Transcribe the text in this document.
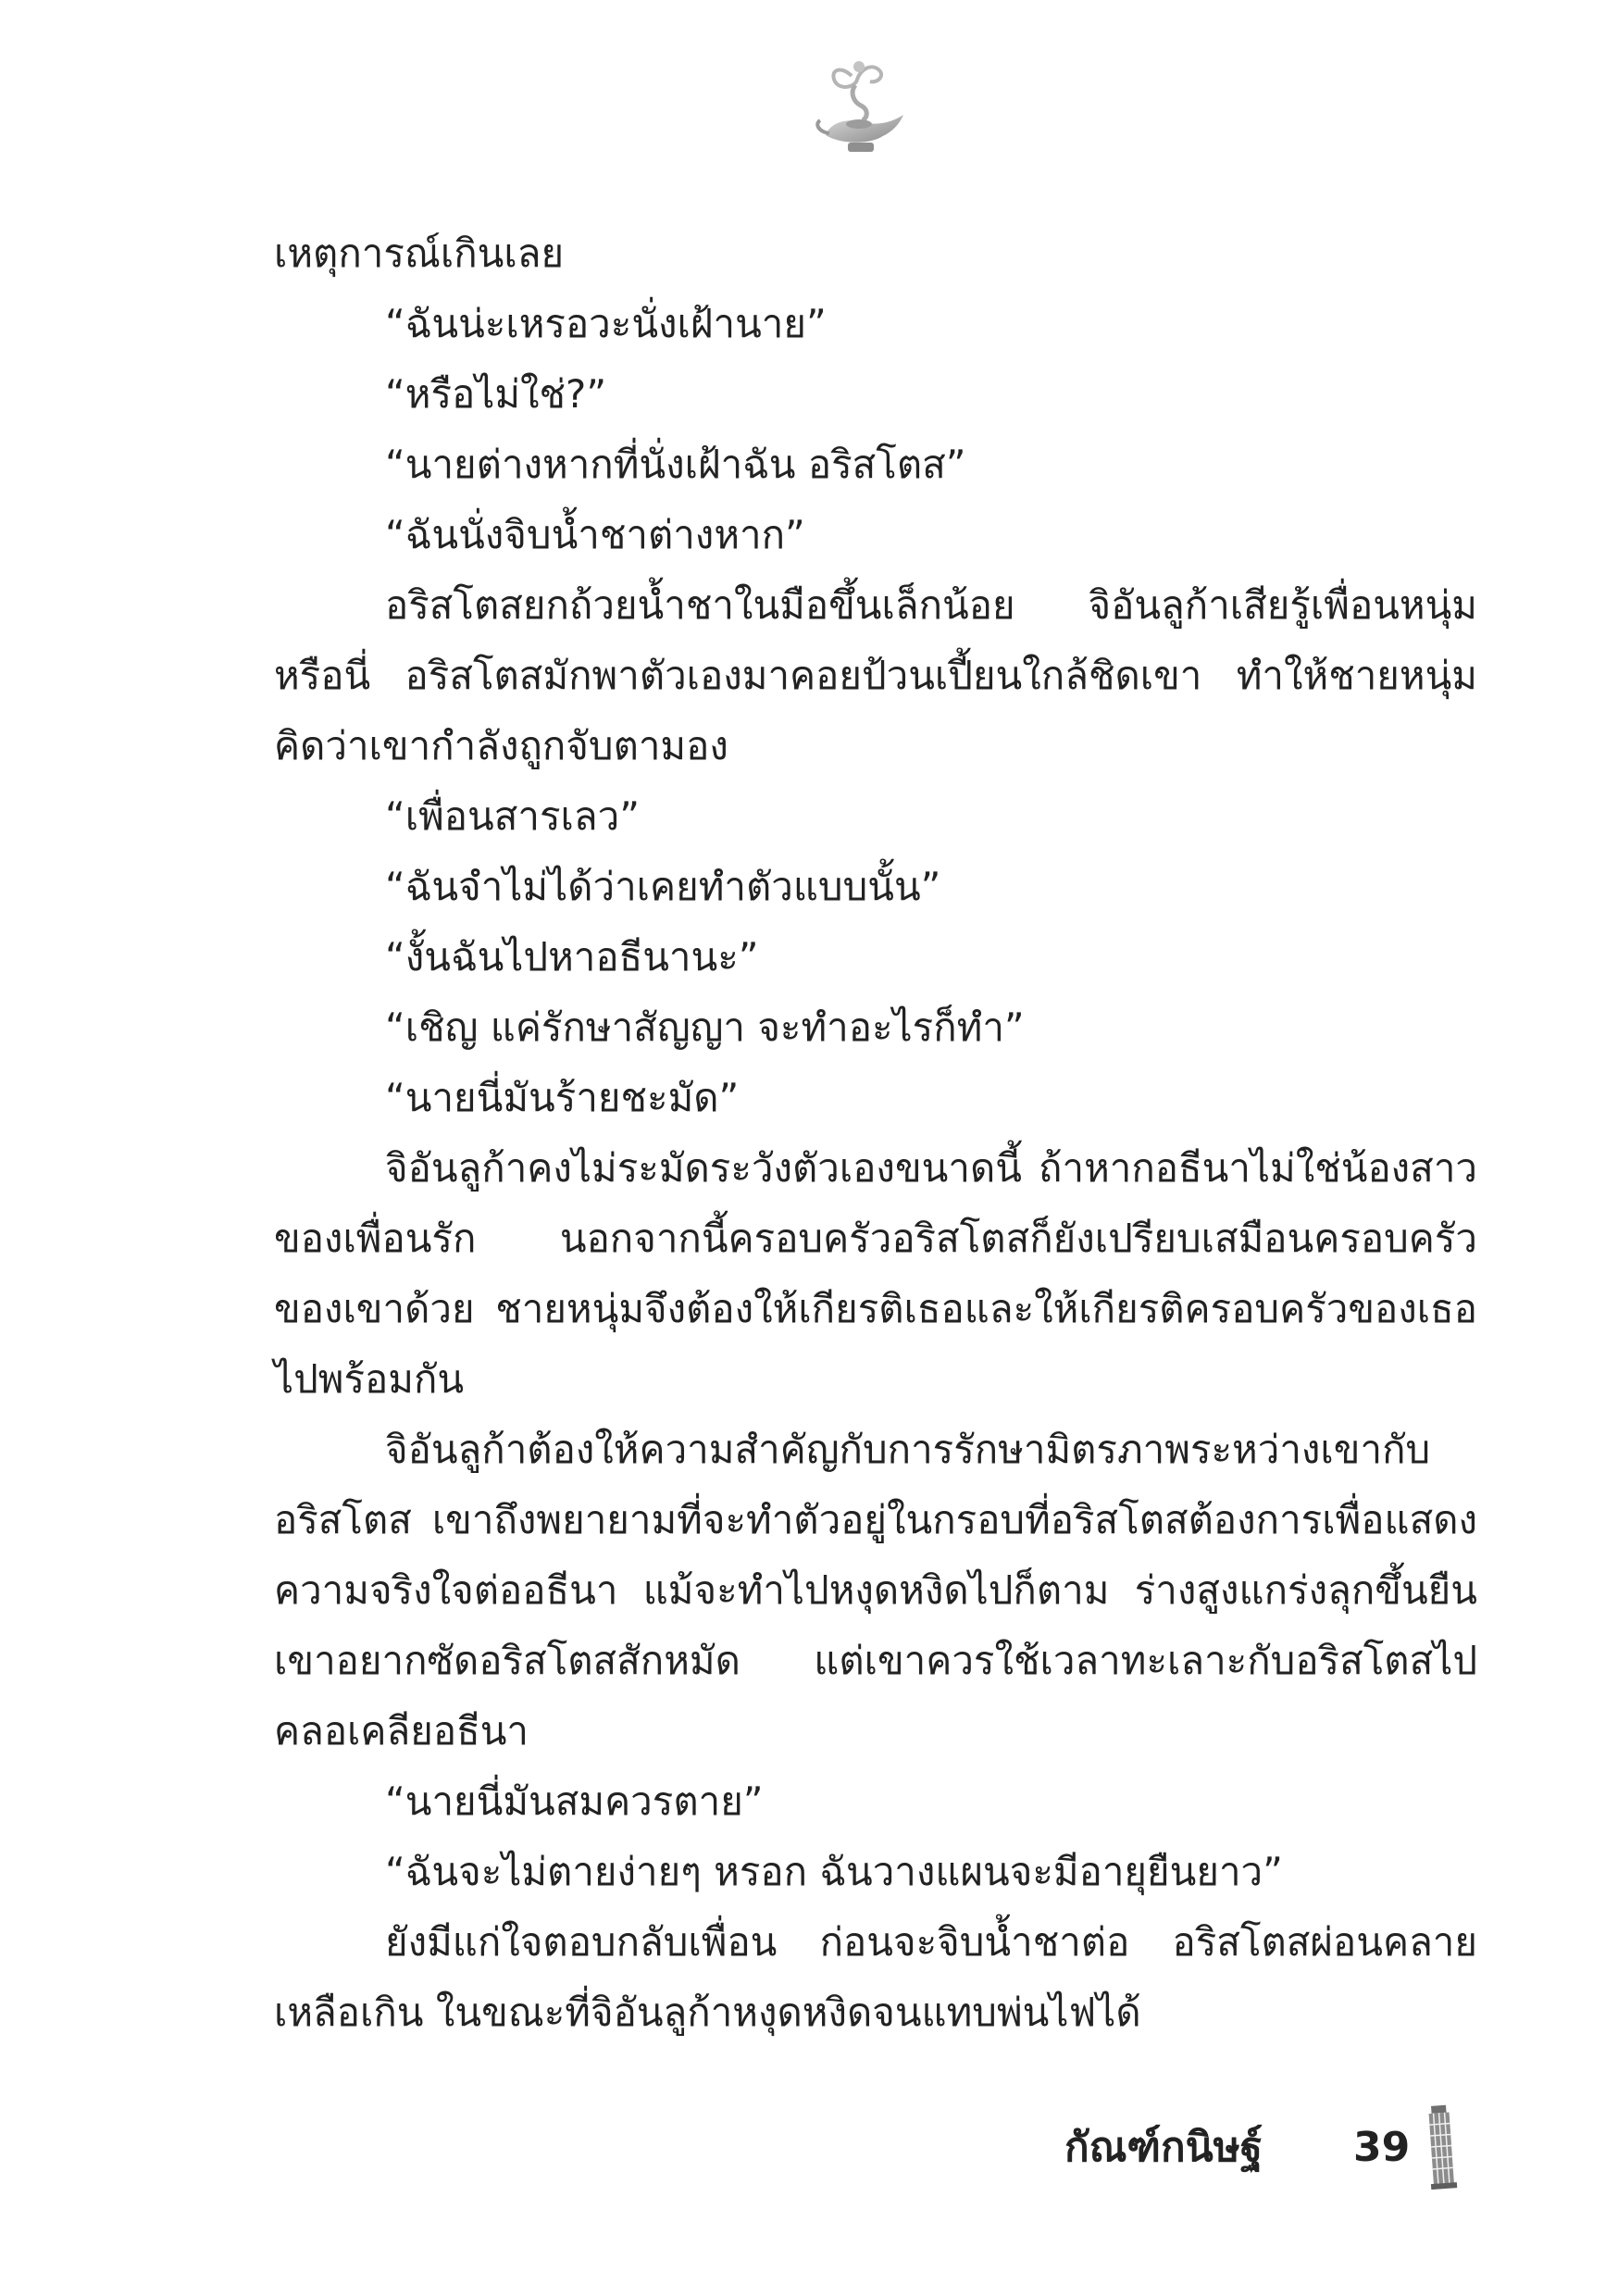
เหตุการณ์เกินเลย
“ฉันน่ะเหรอวะนั่งเฝ้านาย”
“หรือไม่ใช่?”
“นายต่างหากที่นั่งเฝ้าฉัน อริสโตส”
“ฉันนั่งจิบน้ำชาต่างหาก”
อริสโตสยกถ้วยน้ำชาในมือขึ้นเล็กน้อย จิอันลูก้าเสียรู้เพื่อนหนุ่ม
หรือนี่ อริสโตสมักพาตัวเองมาคอยป้วนเปี้ยนใกล้ชิดเขา ทำให้ชายหนุ่ม
คิดว่าเขากำลังถูกจับตามอง
“เพื่อนสารเลว”
“ฉันจำไม่ได้ว่าเคยทำตัวแบบนั้น”
“งั้นฉันไปหาอธีนานะ”
“เชิญ แค่รักษาสัญญา จะทำอะไรก็ทำ”
“นายนี่มันร้ายชะมัด”
จิอันลูก้าคงไม่ระมัดระวังตัวเองขนาดนี้ ถ้าหากอธีนาไม่ใช่น้องสาว
ของเพื่อนรัก นอกจากนี้ครอบครัวอริสโตสก็ยังเปรียบเสมือนครอบครัว
ของเขาด้วย ชายหนุ่มจึงต้องให้เกียรติเธอและให้เกียรติครอบครัวของเธอ
ไปพร้อมกัน
จิอันลูก้าต้องให้ความสำคัญกับการรักษามิตรภาพระหว่างเขากับ
อริสโตส เขาถึงพยายามที่จะทำตัวอยู่ในกรอบที่อริสโตสต้องการเพื่อแสดง
ความจริงใจต่ออธีนา แม้จะทำไปหงุดหงิดไปก็ตาม ร่างสูงแกร่งลุกขึ้นยืน
เขาอยากซัดอริสโตสสักหมัด แต่เขาควรใช้เวลาทะเลาะกับอริสโตสไป
คลอเคลียอธีนา
“นายนี่มันสมควรตาย”
“ฉันจะไม่ตายง่ายๆ หรอก ฉันวางแผนจะมีอายุยืนยาว”
ยังมีแก่ใจตอบกลับเพื่อน ก่อนจะจิบน้ำชาต่อ อริสโตสผ่อนคลาย
เหลือเกิน ในขณะที่จิอันลูก้าหงุดหงิดจนแทบพ่นไฟได้
กัณฑ์กนิษฐ์ 39
